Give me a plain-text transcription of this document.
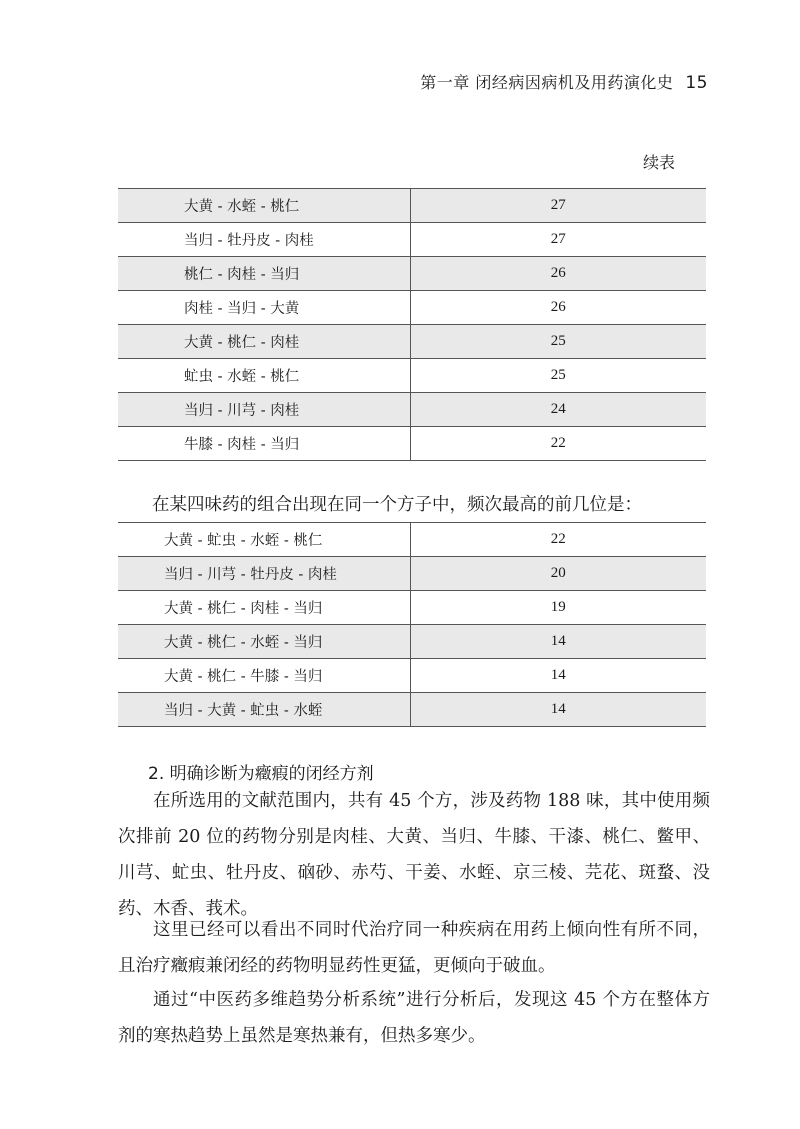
第一章 闭经病因病机及用药演化史 15
续表
大黄 - 水蛭 - 桃仁	27
当归 - 牡丹皮 - 肉桂	27
桃仁 - 肉桂 - 当归	26
肉桂 - 当归 - 大黄	26
大黄 - 桃仁 - 肉桂	25
虻虫 - 水蛭 - 桃仁	25
当归 - 川芎 - 肉桂	24
牛膝 - 肉桂 - 当归	22
在某四味药的组合出现在同一个方子中，频次最高的前几位是：
大黄 - 虻虫 - 水蛭 - 桃仁	22
当归 - 川芎 - 牡丹皮 - 肉桂	20
大黄 - 桃仁 - 肉桂 - 当归	19
大黄 - 桃仁 - 水蛭 - 当归	14
大黄 - 桃仁 - 牛膝 - 当归	14
当归 - 大黄 - 虻虫 - 水蛭	14
2. 明确诊断为癥瘕的闭经方剂
在所选用的文献范围内，共有 45 个方，涉及药物 188 味，其中使用频次排前 20 位的药物分别是肉桂、大黄、当归、牛膝、干漆、桃仁、鳖甲、川芎、虻虫、牡丹皮、硇砂、赤芍、干姜、水蛭、京三棱、芫花、斑蝥、没药、木香、莪术。
这里已经可以看出不同时代治疗同一种疾病在用药上倾向性有所不同，且治疗癥瘕兼闭经的药物明显药性更猛，更倾向于破血。
通过“中医药多维趋势分析系统”进行分析后，发现这 45 个方在整体方剂的寒热趋势上虽然是寒热兼有，但热多寒少。
